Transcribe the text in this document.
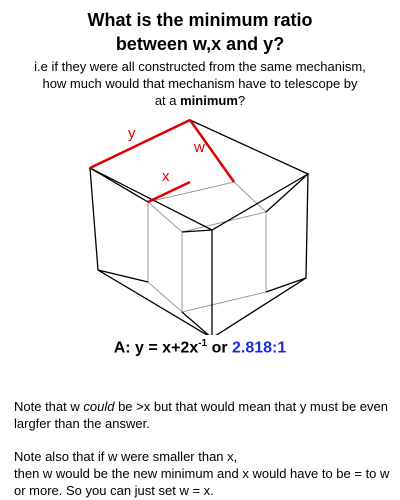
What is the minimum ratio
between w,x and y?
i.e if they were all constructed from the same mechanism,
how much would that mechanism have to telescope by
at a minimum?
y
w
x
A: $y = x+2x^{-1}$ or 2.818:1
Note that w could be >x but that would mean that y must be even largfer than the answer.
Note also that if w were smaller than x,
then w would be the new minimum and x would have to be = to w or more. So you can just set w = x.
